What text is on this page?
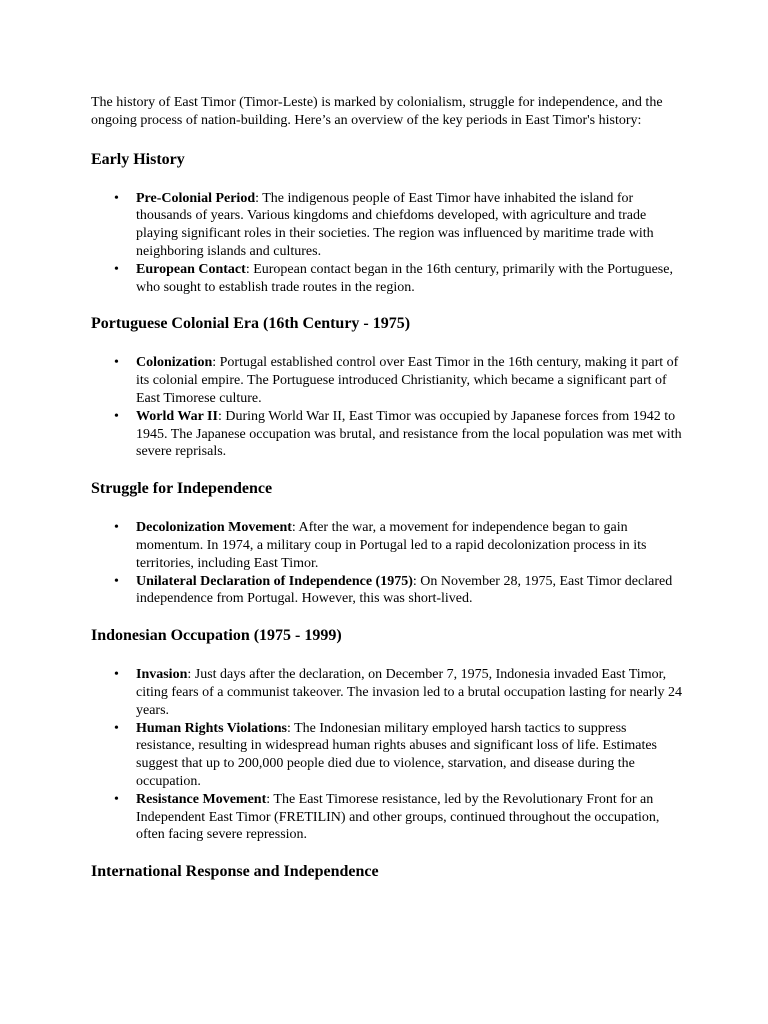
The history of East Timor (Timor-Leste) is marked by colonialism, struggle for independence, and the ongoing process of nation-building. Here’s an overview of the key periods in East Timor's history:

Early History
• Pre-Colonial Period: The indigenous people of East Timor have inhabited the island for thousands of years. Various kingdoms and chiefdoms developed, with agriculture and trade playing significant roles in their societies. The region was influenced by maritime trade with neighboring islands and cultures.
• European Contact: European contact began in the 16th century, primarily with the Portuguese, who sought to establish trade routes in the region.
Portuguese Colonial Era (16th Century - 1975)
• Colonization: Portugal established control over East Timor in the 16th century, making it part of its colonial empire. The Portuguese introduced Christianity, which became a significant part of East Timorese culture.
• World War II: During World War II, East Timor was occupied by Japanese forces from 1942 to 1945. The Japanese occupation was brutal, and resistance from the local population was met with severe reprisals.
Struggle for Independence
• Decolonization Movement: After the war, a movement for independence began to gain momentum. In 1974, a military coup in Portugal led to a rapid decolonization process in its territories, including East Timor.
• Unilateral Declaration of Independence (1975): On November 28, 1975, East Timor declared independence from Portugal. However, this was short-lived.
Indonesian Occupation (1975 - 1999)
• Invasion: Just days after the declaration, on December 7, 1975, Indonesia invaded East Timor, citing fears of a communist takeover. The invasion led to a brutal occupation lasting for nearly 24 years.
• Human Rights Violations: The Indonesian military employed harsh tactics to suppress resistance, resulting in widespread human rights abuses and significant loss of life. Estimates suggest that up to 200,000 people died due to violence, starvation, and disease during the occupation.
• Resistance Movement: The East Timorese resistance, led by the Revolutionary Front for an Independent East Timor (FRETILIN) and other groups, continued throughout the occupation, often facing severe repression.
International Response and Independence
